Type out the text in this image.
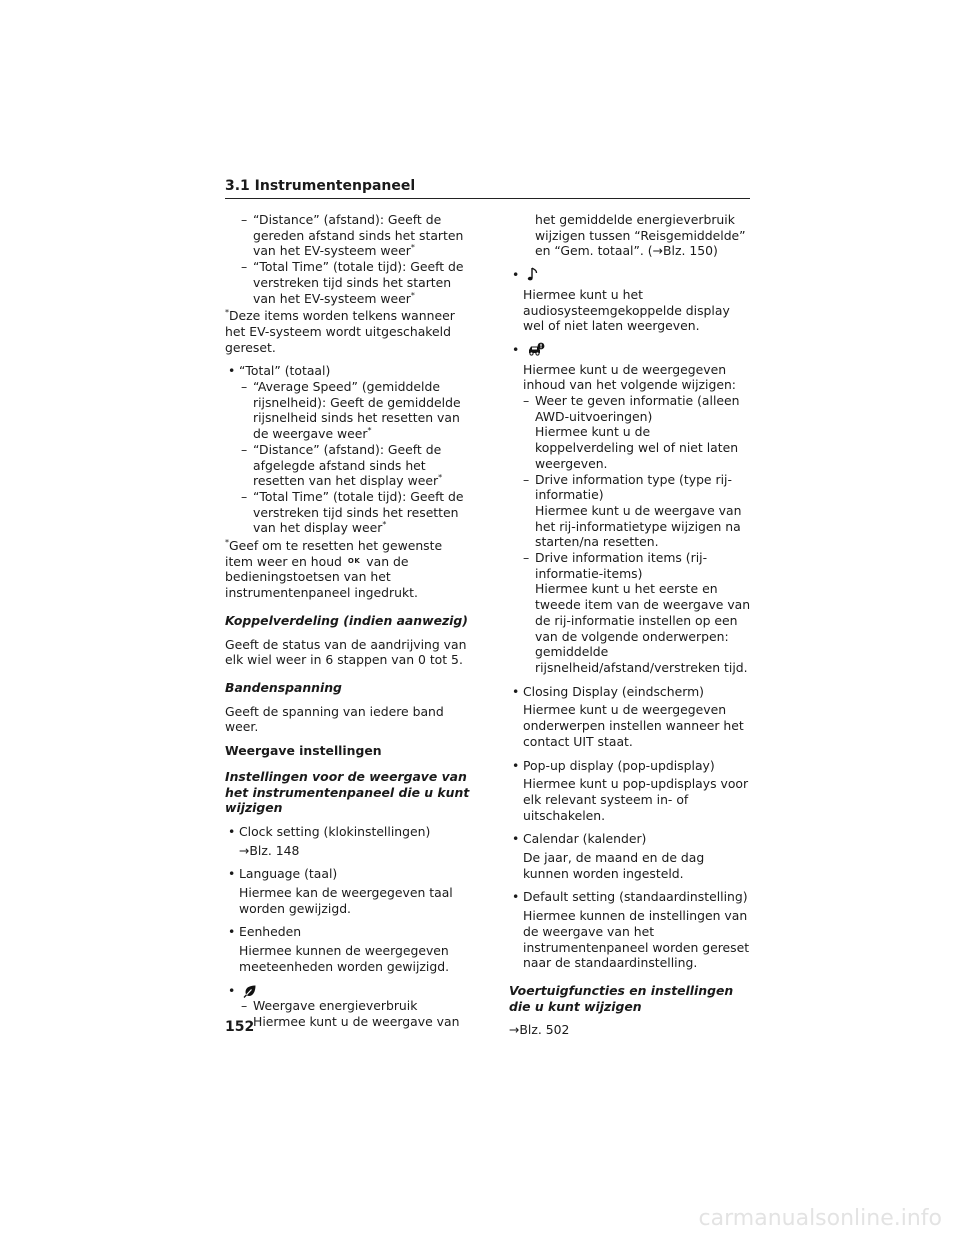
3.1 Instrumentenpaneel
– “Distance” (afstand): Geeft de gereden afstand sinds het starten van het EV-systeem weer*
– “Total Time” (totale tijd): Geeft de verstreken tijd sinds het starten van het EV-systeem weer*
*Deze items worden telkens wanneer het EV-systeem wordt uitgeschakeld gereset.
• “Total” (totaal)
– “Average Speed” (gemiddelde rijsnelheid): Geeft de gemiddelde rijsnelheid sinds het resetten van de weergave weer*
– “Distance” (afstand): Geeft de afgelegde afstand sinds het resetten van het display weer*
– “Total Time” (totale tijd): Geeft de verstreken tijd sinds het resetten van het display weer*
*Geef om te resetten het gewenste item weer en houd OK van de bedieningstoetsen van het instrumentenpaneel ingedrukt.
Koppelverdeling (indien aanwezig)
Geeft de status van de aandrijving van elk wiel weer in 6 stappen van 0 tot 5.
Bandenspanning
Geeft de spanning van iedere band weer.
Weergave instellingen
Instellingen voor de weergave van het instrumentenpaneel die u kunt wijzigen
• Clock setting (klokinstellingen)
→Blz. 148
• Language (taal)
Hiermee kan de weergegeven taal worden gewijzigd.
• Eenheden
Hiermee kunnen de weergegeven meeteenheden worden gewijzigd.
•
– Weergave energieverbruik
Hiermee kunt u de weergave van
het gemiddelde energieverbruik wijzigen tussen “Reisgemiddelde” en “Gem. totaal”. (→Blz. 150)
•
Hiermee kunt u het audiosysteemgekoppelde display wel of niet laten weergeven.
•
Hiermee kunt u de weergegeven inhoud van het volgende wijzigen:
– Weer te geven informatie (alleen AWD-uitvoeringen)
Hiermee kunt u de koppelverdeling wel of niet laten weergeven.
– Drive information type (type rij-informatie)
Hiermee kunt u de weergave van het rij-informatietype wijzigen na starten/na resetten.
– Drive information items (rij-informatie-items)
Hiermee kunt u het eerste en tweede item van de weergave van de rij-informatie instellen op een van de volgende onderwerpen: gemiddelde rijsnelheid/afstand/verstreken tijd.
• Closing Display (eindscherm)
Hiermee kunt u de weergegeven onderwerpen instellen wanneer het contact UIT staat.
• Pop-up display (pop-updisplay)
Hiermee kunt u pop-updisplays voor elk relevant systeem in- of uitschakelen.
• Calendar (kalender)
De jaar, de maand en de dag kunnen worden ingesteld.
• Default setting (standaardinstelling)
Hiermee kunnen de instellingen van de weergave van het instrumentenpaneel worden gereset naar de standaardinstelling.
Voertuigfuncties en instellingen die u kunt wijzigen
→Blz. 502
152
carmanualsonline.info
